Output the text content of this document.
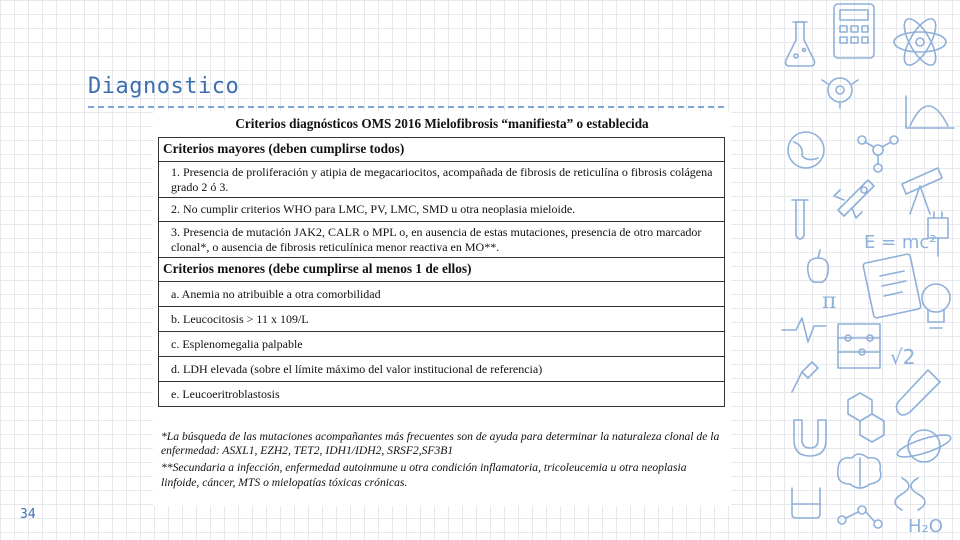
Diagnostico
Criterios diagnósticos OMS 2016 Mielofibrosis “manifiesta” o establecida
Criterios mayores (deben cumplirse todos)
1. Presencia de proliferación y atipia de megacariocitos, acompañada de fibrosis de reticulína o fibrosis colágena grado 2 ó 3.
2. No cumplir criterios WHO para LMC, PV, LMC, SMD u otra neoplasia mieloide.
3. Presencia de mutación JAK2, CALR o MPL o, en ausencia de estas mutaciones, presencia de otro marcador clonal*, o ausencia de fibrosis reticulínica menor reactiva en MO**.
Criterios menores (debe cumplirse al menos 1 de ellos)
a. Anemia no atribuible a otra comorbilidad
b. Leucocitosis > 11 x 109/L
c. Esplenomegalia palpable
d. LDH elevada (sobre el límite máximo del valor institucional de referencia)
e. Leucoeritroblastosis

*La búsqueda de las mutaciones acompañantes más frecuentes son de ayuda para determinar la naturaleza clonal de la enfermedad: ASXL1, EZH2, TET2, IDH1/IDH2, SRSF2,SF3B1

**Secundaria a infección, enfermedad autoinmune u otra condición inflamatoria, tricoleucemia u otra neoplasia linfoide, cáncer, MTS o mielopatías tóxicas crónicas.

34
E = mc²
π
√2
H₂O
